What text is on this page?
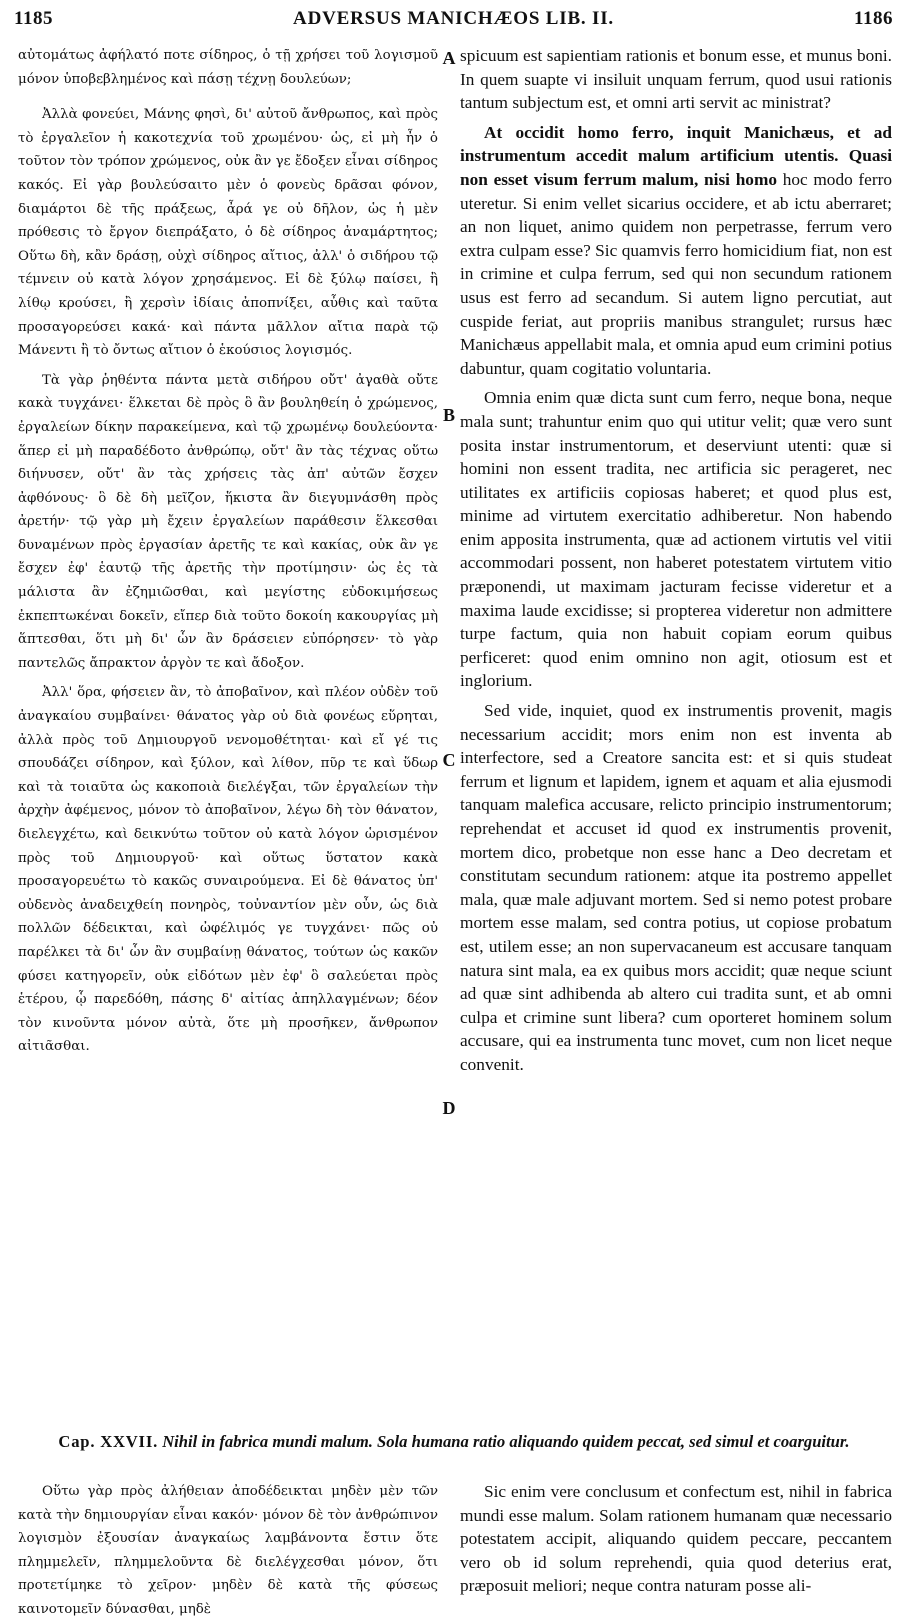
1185	ADVERSUS MANICHÆOS LIB. II.	1186

αὐτομάτως ἀφήλατό ποτε σίδηρος, ὁ τῇ χρήσει τοῦ λογισμοῦ μόνον ὑποβεβλημένος καὶ πάσῃ τέχνῃ δουλεύων;

Ἀλλὰ φονεύει, Μάνης φησὶ, δι' αὐτοῦ ἄνθρωπος, καὶ πρὸς τὸ ἐργαλεῖον ἡ κακοτεχνία τοῦ χρωμένου· ὡς, εἰ μὴ ἦν ὁ τοῦτον τὸν τρόπον χρώμενος, οὐκ ἂν γε ἔδοξεν εἶναι σίδηρος κακός. Εἰ γὰρ βουλεύσαιτο μὲν ὁ φονεὺς δρᾶσαι φόνον, διαμάρτοι δὲ τῆς πράξεως, ἆρά γε οὐ δῆλον, ὡς ἡ μὲν πρόθεσις τὸ ἔργον διεπράξατο, ὁ δὲ σίδηρος ἀναμάρτητος; Οὕτω δὴ, κἂν δράσῃ, οὐχὶ σίδηρος αἴτιος, ἀλλ' ὁ σιδήρου τῷ τέμνειν οὐ κατὰ λόγον χρησάμενος. Εἰ δὲ ξύλῳ παίσει, ἢ λίθῳ κρούσει, ἢ χερσὶν ἰδίαις ἀποπνίξει, αὖθις καὶ ταῦτα προσαγορεύσει κακά· καὶ πάντα μᾶλλον αἴτια παρὰ τῷ Μάνεντι ἢ τὸ ὄντως αἴτιον ὁ ἑκούσιος λογισμός.

Τὰ γὰρ ῥηθέντα πάντα μετὰ σιδήρου οὔτ' ἀγαθὰ οὔτε κακὰ τυγχάνει· ἕλκεται δὲ πρὸς ὃ ἂν βουληθείη ὁ χρώμενος, ἐργαλείων δίκην παρακείμενα, καὶ τῷ χρωμένῳ δουλεύοντα· ἅπερ εἰ μὴ παραδέδοτο ἀνθρώπῳ, οὔτ' ἂν τὰς τέχνας οὕτω διήνυσεν, οὔτ' ἂν τὰς χρήσεις τὰς ἀπ' αὐτῶν ἔσχεν ἀφθόνους· ὃ δὲ δὴ μεῖζον, ἥκιστα ἂν διεγυμνάσθη πρὸς ἀρετήν· τῷ γὰρ μὴ ἔχειν ἐργαλείων παράθεσιν ἕλκεσθαι δυναμένων πρὸς ἐργασίαν ἀρετῆς τε καὶ κακίας, οὐκ ἂν γε ἔσχεν ἐφ' ἑαυτῷ τῆς ἀρετῆς τὴν προτίμησιν· ὡς ἐς τὰ μάλιστα ἂν ἐζημιῶσθαι, καὶ μεγίστης εὐδοκιμήσεως ἐκπεπτωκέναι δοκεῖν, εἴπερ διὰ τοῦτο δοκοίη κακουργίας μὴ ἅπτεσθαι, ὅτι μὴ δι' ὧν ἂν δράσειεν εὐπόρησεν· τὸ γὰρ παντελῶς ἄπρακτον ἀργὸν τε καὶ ἄδοξον.

Ἀλλ' ὅρα, φήσειεν ἂν, τὸ ἀποβαῖνον, καὶ πλέον οὐδὲν τοῦ ἀναγκαίου συμβαίνει· θάνατος γὰρ οὐ διὰ φονέως εὕρηται, ἀλλὰ πρὸς τοῦ Δημιουργοῦ νενομοθέτηται· καὶ εἴ γέ τις σπουδάζει σίδηρον, καὶ ξύλον, καὶ λίθον, πῦρ τε καὶ ὕδωρ καὶ τὰ τοιαῦτα ὡς κακοποιὰ διελέγξαι, τῶν ἐργαλείων τὴν ἀρχὴν ἀφέμενος, μόνον τὸ ἀποβαῖνον, λέγω δὴ τὸν θάνατον, διελεγχέτω, καὶ δεικνύτω τοῦτον οὐ κατὰ λόγον ὡρισμένον πρὸς τοῦ Δημιουργοῦ· καὶ οὕτως ὕστατον κακὰ προσαγορευέτω τὸ κακῶς συναιρούμενα. Εἰ δὲ θάνατος ὑπ' οὐδενὸς ἀναδειχθείη πονηρὸς, τοὐναντίον μὲν οὖν, ὡς διὰ πολλῶν δέδεικται, καὶ ὠφέλιμός γε τυγχάνει· πῶς οὐ παρέλκει τὰ δι' ὧν ἂν συμβαίνῃ θάνατος, τούτων ὡς κακῶν φύσει κατηγορεῖν, οὐκ εἰδότων μὲν ἐφ' ὃ σαλεύεται πρὸς ἑτέρου, ᾧ παρεδόθη, πάσης δ' αἰτίας ἀπηλλαγμένων; δέον τὸν κινοῦντα μόνον αὐτὰ, ὅτε μὴ προσῆκεν, ἄνθρωπον αἰτιᾶσθαι.

A
B
C
D

spicuum est sapientiam rationis et bonum esse, et munus boni. In quem suapte vi insiluit unquam ferrum, quod usui rationis tantum subjectum est, et omni arti servit ac ministrat?

At occidit homo ferro, inquit Manichæus, et ad instrumentum accedit malum artificium utentis. Quasi non esset visum ferrum malum, nisi homo hoc modo ferro uteretur. Si enim vellet sicarius occidere, et ab ictu aberraret; an non liquet, animo quidem non perpetrasse, ferrum vero extra culpam esse? Sic quamvis ferro homicidium fiat, non est in crimine et culpa ferrum, sed qui non secundum rationem usus est ferro ad secandum. Si autem ligno percutiat, aut cuspide feriat, aut propriis manibus strangulet; rursus hæc Manichæus appellabit mala, et omnia apud eum crimini potius dabuntur, quam cogitatio voluntaria.

Omnia enim quæ dicta sunt cum ferro, neque bona, neque mala sunt; trahuntur enim quo qui utitur velit; quæ vero sunt posita instar instrumentorum, et deserviunt utenti: quæ si homini non essent tradita, nec artificia sic perageret, nec utilitates ex artificiis copiosas haberet; et quod plus est, minime ad virtutem exercitatio adhiberetur. Non habendo enim apposita instrumenta, quæ ad actionem virtutis vel vitii accommodari possent, non haberet potestatem virtutem vitio præponendi, ut maximam jacturam fecisse videretur et a maxima laude excidisse; si propterea videretur non admittere turpe factum, quia non habuit copiam eorum quibus perficeret: quod enim omnino non agit, otiosum est et inglorium.

Sed vide, inquiet, quod ex instrumentis provenit, magis necessarium accidit; mors enim non est inventa ab interfectore, sed a Creatore sancita est: et si quis studeat ferrum et lignum et lapidem, ignem et aquam et alia ejusmodi tanquam malefica accusare, relicto principio instrumentorum; reprehendat et accuset id quod ex instrumentis provenit, mortem dico, probetque non esse hanc a Deo decretam et constitutam secundum rationem: atque ita postremo appellet mala, quæ male adjuvant mortem. Sed si nemo potest probare mortem esse malam, sed contra potius, ut copiose probatum est, utilem esse; an non supervacaneum est accusare tanquam natura sint mala, ea ex quibus mors accidit; quæ neque sciunt ad quæ sint adhibenda ab altero cui tradita sunt, et ab omni culpa et crimine sunt libera? cum oporteret hominem solum accusare, qui ea instrumenta tunc movet, cum non licet neque convenit.

Cap. XXVII. Nihil in fabrica mundi malum. Sola humana ratio aliquando quidem peccat, sed simul et coarguitur.

Οὕτω γὰρ πρὸς ἀλήθειαν ἀποδέδεικται μηδὲν μὲν τῶν κατὰ τὴν δημιουργίαν εἶναι κακόν· μόνον δὲ τὸν ἀνθρώπινον λογισμὸν ἐξουσίαν ἀναγκαίως λαμβάνοντα ἔστιν ὅτε πλημμελεῖν, πλημμελοῦντα δὲ διελέγχεσθαι μόνον, ὅτι προτετίμηκε τὸ χεῖρον· μηδὲν δὲ κατὰ τῆς φύσεως καινοτομεῖν δύνασθαι, μηδὲ

Sic enim vere conclusum et confectum est, nihil in fabrica mundi esse malum. Solam rationem humanam quæ necessario potestatem accipit, aliquando quidem peccare, peccantem vero ob id solum reprehendi, quia quod deterius erat, præposuit meliori; neque contra naturam posse ali-
